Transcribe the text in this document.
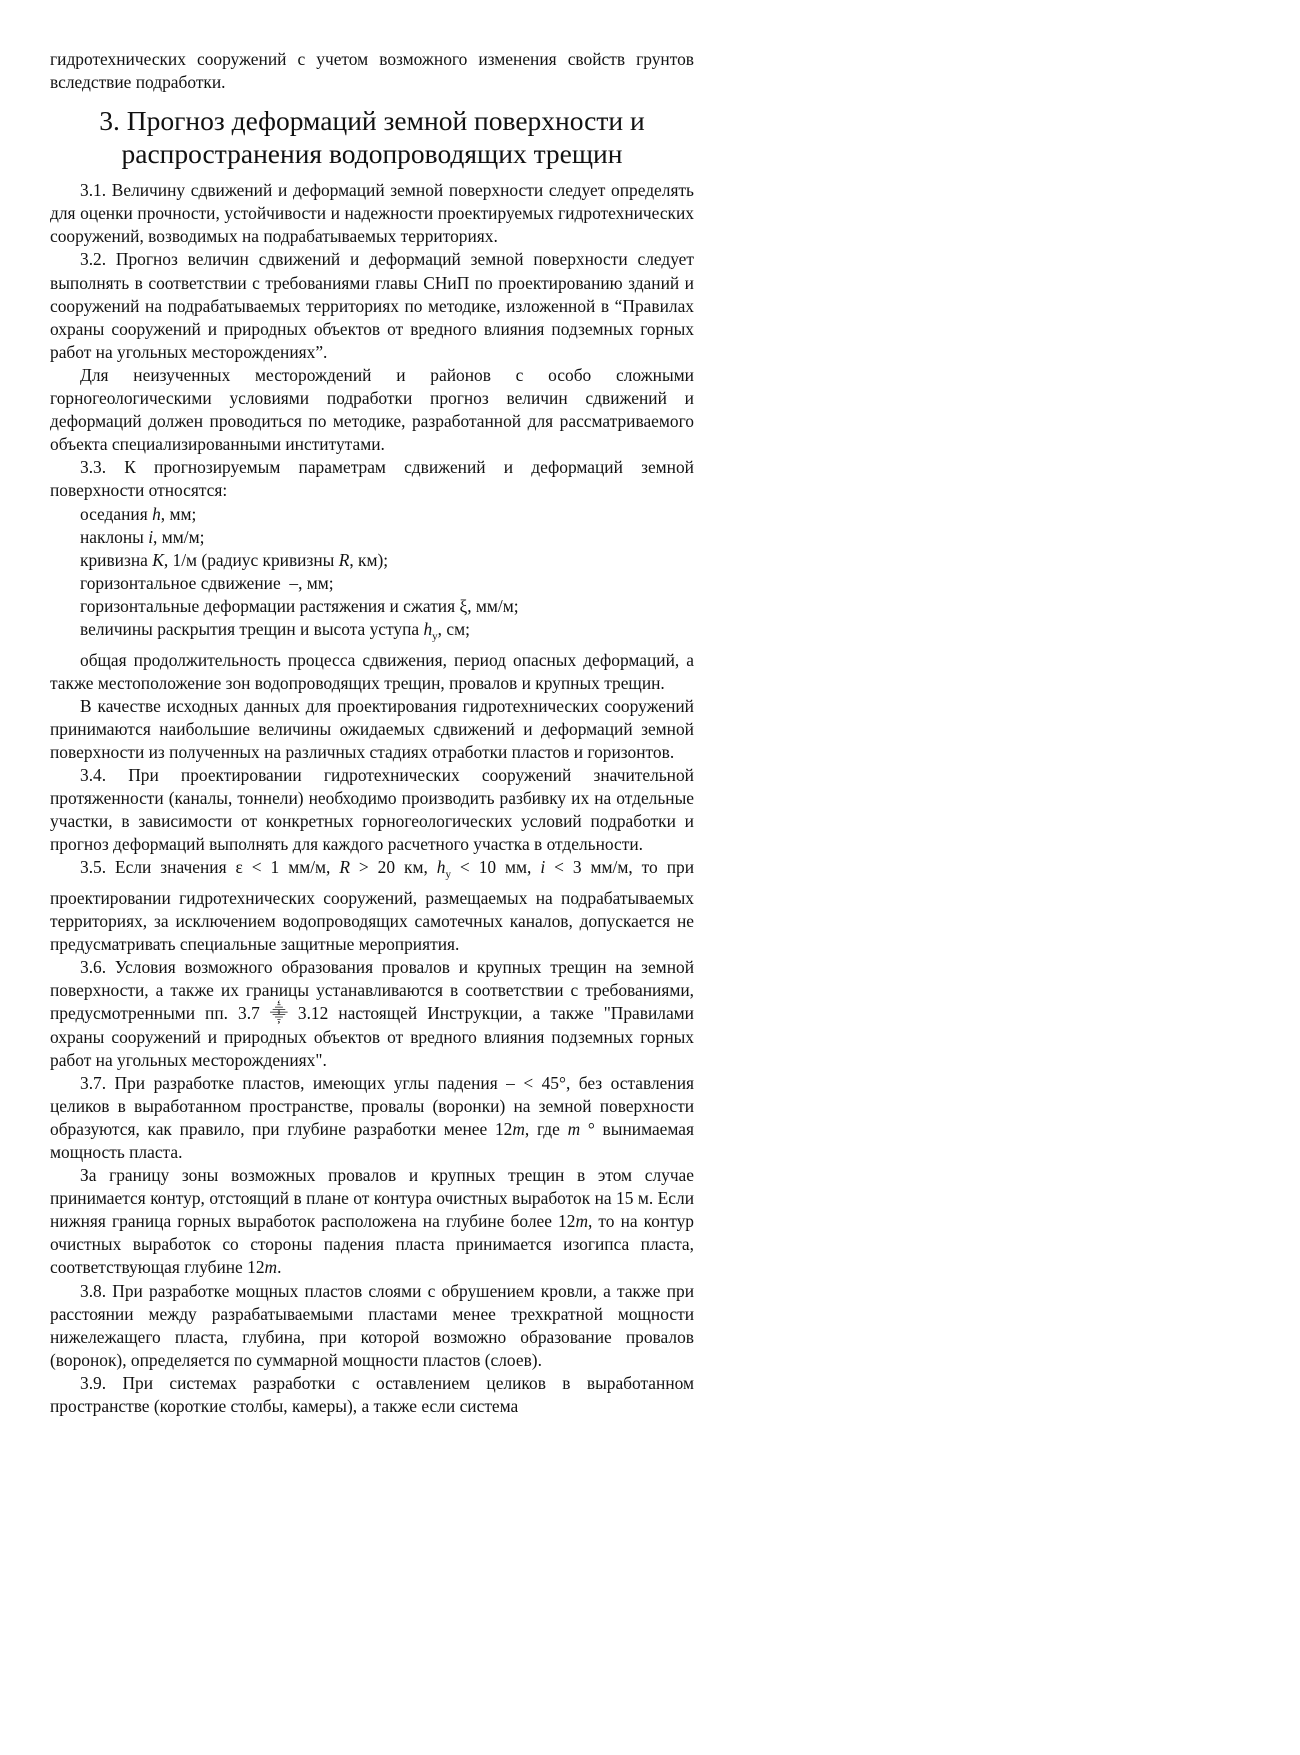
гидротехнических сооружений с учетом возможного изменения свойств грунтов вследствие подработки.

3. Прогноз деформаций земной поверхности и
распространения водопроводящих трещин

3.1. Величину сдвижений и деформаций земной поверхности следует определять для оценки прочности, устойчивости и надежности проектируемых гидротехнических сооружений, возводимых на подрабатываемых территориях.

3.2. Прогноз величин сдвижений и деформаций земной поверхности следует выполнять в соответствии с требованиями главы СНиП по проектированию зданий и сооружений на подрабатываемых территориях по методике, изложенной в “Правилах охраны сооружений и природных объектов от вредного влияния подземных горных работ на угольных месторождениях”.

Для неизученных месторождений и районов с особо сложными горногеологическими условиями подработки прогноз величин сдвижений и деформаций должен проводиться по методике, разработанной для рассматриваемого объекта специализированными институтами.

3.3. К прогнозируемым параметрам сдвижений и деформаций земной поверхности относятся:

оседания h, мм;

наклоны i, мм/м;

кривизна K, 1/м (радиус кривизны R, км);

горизонтальное сдвижение  –, мм;

горизонтальные деформации растяжения и сжатия ξ, мм/м;

величины раскрытия трещин и высота уступа $h_у$, см;

общая продолжительность процесса сдвижения, период опасных деформаций, а также местоположение зон водопроводящих трещин, провалов и крупных трещин.

В качестве исходных данных для проектирования гидротехнических сооружений принимаются наибольшие величины ожидаемых сдвижений и деформаций земной поверхности из полученных на различных стадиях отработки пластов и горизонтов.

3.4. При проектировании гидротехнических сооружений значительной протяженности (каналы, тоннели) необходимо производить разбивку их на отдельные участки, в зависимости от конкретных горногеологических условий подработки и прогноз деформаций выполнять для каждого расчетного участка в отдельности.

3.5. Если значения ε < 1 мм/м, R > 20 км, $h_у < 10$ мм, i < 3 мм/м, то при проектировании гидротехнических сооружений, размещаемых на подрабатываемых территориях, за исключением водопроводящих самотечных каналов, допускается не предусматривать специальные защитные мероприятия.

3.6. Условия возможного образования провалов и крупных трещин на земной поверхности, а также их границы устанавливаются в соответствии с требованиями, предусмотренными пп. 3.7 ⸎ 3.12 настоящей Инструкции, а также "Правилами охраны сооружений и природных объектов от вредного влияния подземных горных работ на угольных месторождениях".

3.7. При разработке пластов, имеющих углы падения – < 45°, без оставления целиков в выработанном пространстве, провалы (воронки) на земной поверхности образуются, как правило, при глубине разработки менее 12m, где m ° вынимаемая мощность пласта.

За границу зоны возможных провалов и крупных трещин в этом случае принимается контур, отстоящий в плане от контура очистных выработок на 15 м. Если нижняя граница горных выработок расположена на глубине более 12m, то на контур очистных выработок со стороны падения пласта принимается изогипса пласта, соответствующая глубине 12m.

3.8. При разработке мощных пластов слоями с обрушением кровли, а также при расстоянии между разрабатываемыми пластами менее трехкратной мощности нижележащего пласта, глубина, при которой возможно образование провалов (воронок), определяется по суммарной мощности пластов (слоев).

3.9. При системах разработки с оставлением целиков в выработанном пространстве (короткие столбы, камеры), а также если система
